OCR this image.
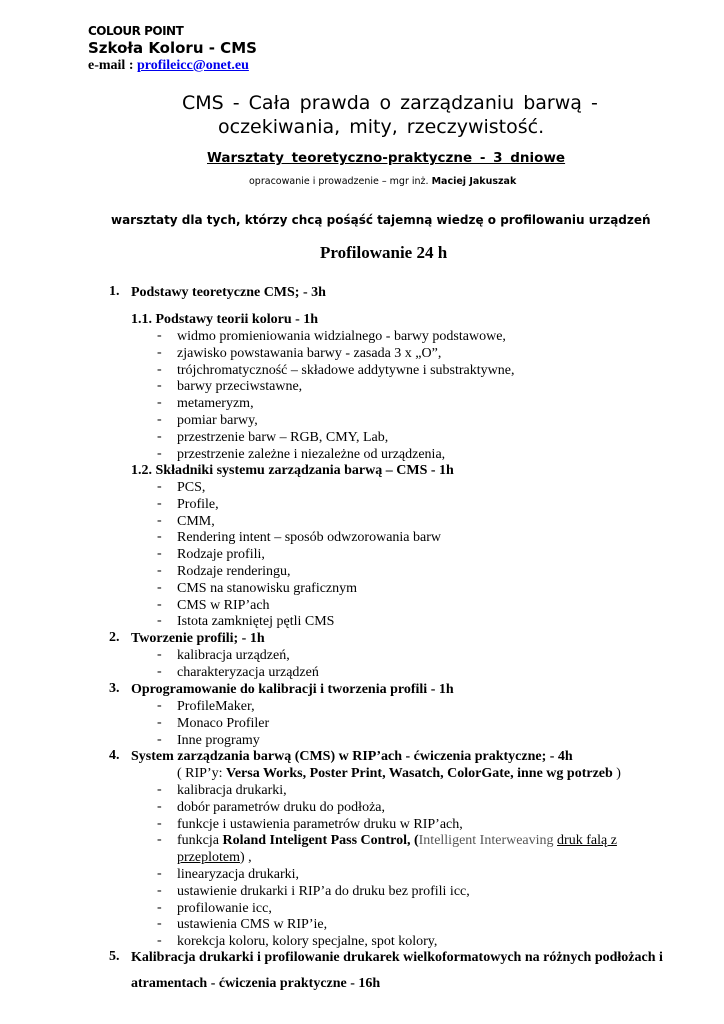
COLOUR POINT
Szkoła Koloru - CMS
e-mail : profileicc@onet.eu
CMS - Cała prawda o zarządzaniu barwą -
oczekiwania, mity, rzeczywistość.
Warsztaty teoretyczno-praktyczne - 3 dniowe
opracowanie i prowadzenie – mgr inż. Maciej Jakuszak
warsztaty dla tych, którzy chcą pośąść tajemną wiedzę o profilowaniu urządzeń
Profilowanie 24 h
1. Podstawy teoretyczne CMS; - 3h
1.1. Podstawy teorii koloru - 1h
- widmo promieniowania widzialnego - barwy podstawowe,
- zjawisko powstawania barwy - zasada 3 x „O”,
- trójchromatyczność – składowe addytywne i substraktywne,
- barwy przeciwstawne,
- metameryzm,
- pomiar barwy,
- przestrzenie barw – RGB, CMY, Lab,
- przestrzenie zależne i niezależne od urządzenia,
1.2. Składniki systemu zarządzania barwą – CMS - 1h
- PCS,
- Profile,
- CMM,
- Rendering intent – sposób odwzorowania barw
- Rodzaje profili,
- Rodzaje renderingu,
- CMS na stanowisku graficznym
- CMS w RIP’ach
- Istota zamkniętej pętli CMS
2. Tworzenie profili; - 1h
- kalibracja urządzeń,
- charakteryzacja urządzeń
3. Oprogramowanie do kalibracji i tworzenia profili - 1h
- ProfileMaker,
- Monaco Profiler
- Inne programy
4. System zarządzania barwą (CMS) w RIP’ach - ćwiczenia praktyczne; - 4h
( RIP’y: Versa Works, Poster Print, Wasatch, ColorGate, inne wg potrzeb )
- kalibracja drukarki,
- dobór parametrów druku do podłoża,
- funkcje i ustawienia parametrów druku w RIP’ach,
- funkcja Roland Inteligent Pass Control, (Intelligent Interweaving druk falą z
przeplotem) ,
- linearyzacja drukarki,
- ustawienie drukarki i RIP’a do druku bez profili icc,
- profilowanie icc,
- ustawienia CMS w RIP’ie,
- korekcja koloru, kolory specjalne, spot kolory,
5. Kalibracja drukarki i profilowanie drukarek wielkoformatowych na różnych podłożach i
atramentach - ćwiczenia praktyczne - 16h
